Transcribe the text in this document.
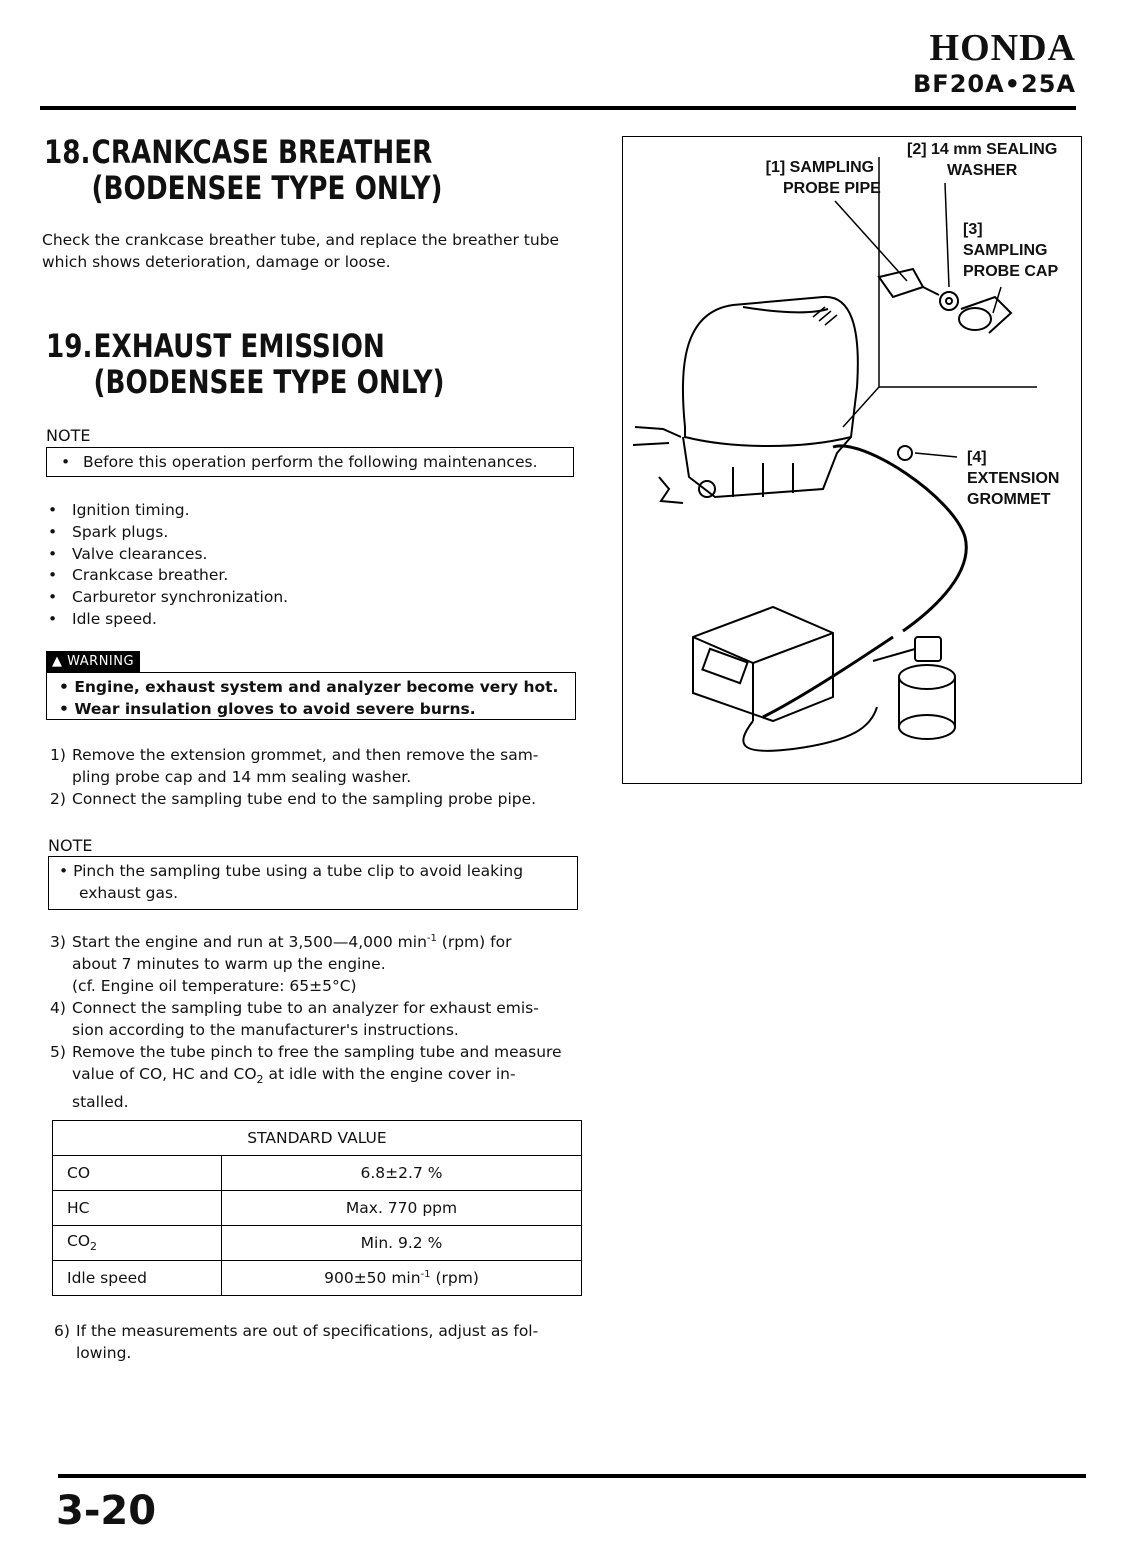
HONDA
BF20A•25A
18.CRANKCASE BREATHER
(BODENSEE TYPE ONLY)
Check the crankcase breather tube, and replace the breather tube
which shows deterioration, damage or loose.
19.EXHAUST EMISSION
(BODENSEE TYPE ONLY)
NOTE
• Before this operation perform the following maintenances.
• Ignition timing.
• Spark plugs.
• Valve clearances.
• Crankcase breather.
• Carburetor synchronization.
• Idle speed.
▲ WARNING
• Engine, exhaust system and analyzer become very hot.
• Wear insulation gloves to avoid severe burns.
1) Remove the extension grommet, and then remove the sam-
pling probe cap and 14 mm sealing washer.
2) Connect the sampling tube end to the sampling probe pipe.
NOTE
• Pinch the sampling tube using a tube clip to avoid leaking
exhaust gas.
3) Start the engine and run at 3,500—4,000 $\min^{-1} (rpm)$ for
about 7 minutes to warm up the engine.
(cf. Engine oil temperature: 65±5°C)
4) Connect the sampling tube to an analyzer for exhaust emis-
sion according to the manufacturer's instructions.
5) Remove the tube pinch to free the sampling tube and measure
value of CO, HC and $CO_2$ at idle with the engine cover in-
stalled.
STANDARD VALUE	
CO	6.8±2.7 %
HC	Max. 770 ppm
$CO_2$	Min. 9.2 %
Idle speed	900±50 $\min^{-1} (rpm)$
6) If the measurements are out of specifications, adjust as fol-
lowing.
[1] SAMPLING
PROBE PIPE
[2] 14 mm SEALING
WASHER
[3]
SAMPLING
PROBE CAP
[4]
EXTENSION
GROMMET
3-20
